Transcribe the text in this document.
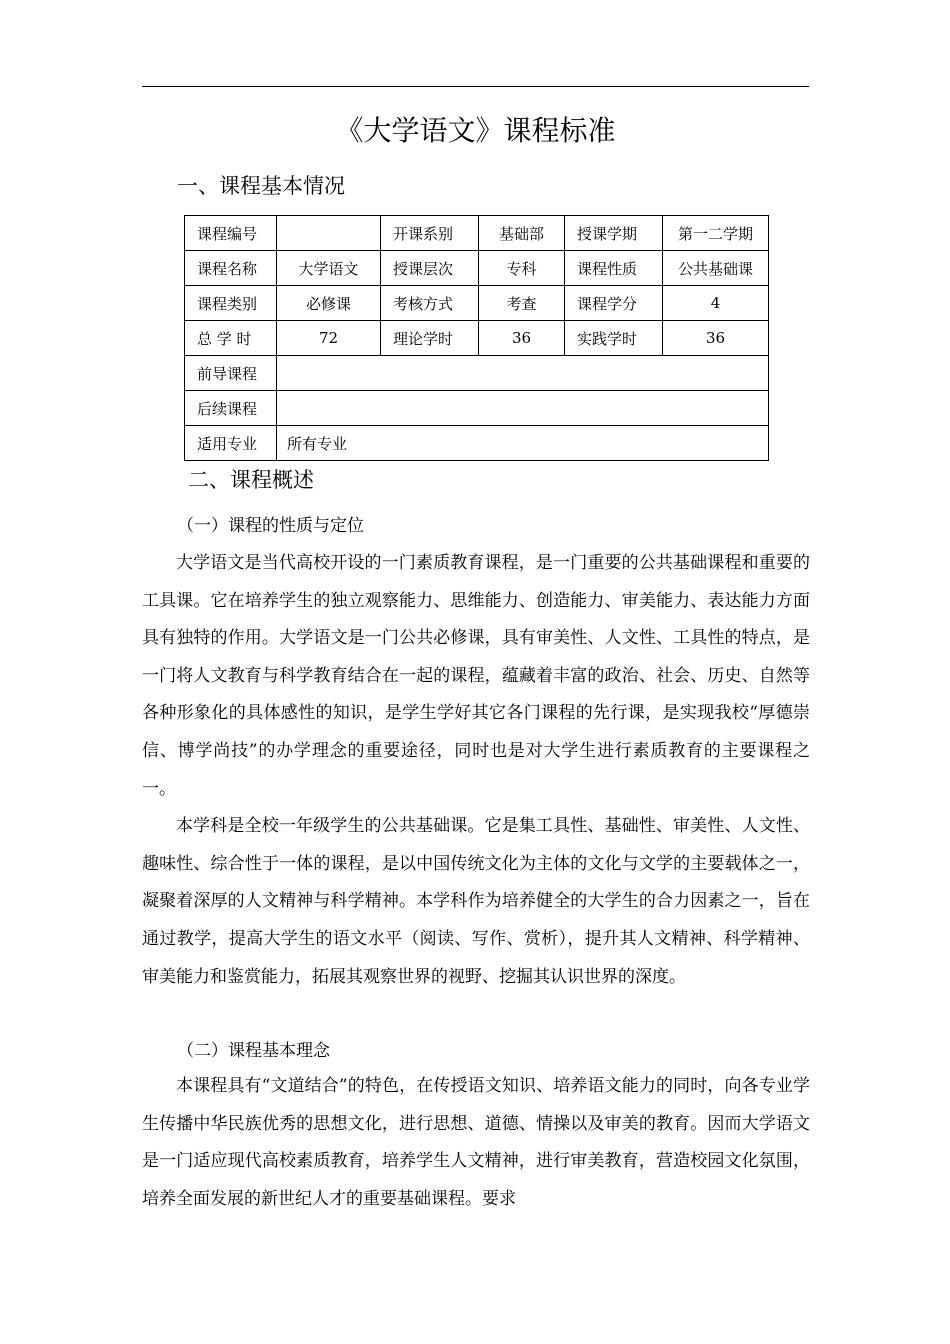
《大学语文》课程标准
一、课程基本情况
课程编号		开课系别	基础部	授课学期	第一二学期
课程名称	大学语文	授课层次	专科	课程性质	公共基础课
课程类别	必修课	考核方式	考查	课程学分	4
总 学 时	72	理论学时	36	实践学时	36
前导课程					
后续课程					
适用专业	所有专业				
二、课程概述
（一）课程的性质与定位

大学语文是当代高校开设的一门素质教育课程，是一门重要的公共基础课程和重要的工具课。它在培养学生的独立观察能力、思维能力、创造能力、审美能力、表达能力方面具有独特的作用。大学语文是一门公共必修课，具有审美性、人文性、工具性的特点，是一门将人文教育与科学教育结合在一起的课程，蕴藏着丰富的政治、社会、历史、自然等各种形象化的具体感性的知识，是学生学好其它各门课程的先行课，是实现我校“厚德崇信、博学尚技”的办学理念的重要途径，同时也是对大学生进行素质教育的主要课程之一。

本学科是全校一年级学生的公共基础课。它是集工具性、基础性、审美性、人文性、趣味性、综合性于一体的课程，是以中国传统文化为主体的文化与文学的主要载体之一，凝聚着深厚的人文精神与科学精神。本学科作为培养健全的大学生的合力因素之一，旨在通过教学，提高大学生的语文水平（阅读、写作、赏析），提升其人文精神、科学精神、审美能力和鉴赏能力，拓展其观察世界的视野、挖掘其认识世界的深度。

（二）课程基本理念

本课程具有“文道结合”的特色，在传授语文知识、培养语文能力的同时，向各专业学生传播中华民族优秀的思想文化，进行思想、道德、情操以及审美的教育。因而大学语文是一门适应现代高校素质教育，培养学生人文精神，进行审美教育，营造校园文化氛围，培养全面发展的新世纪人才的重要基础课程。要求
